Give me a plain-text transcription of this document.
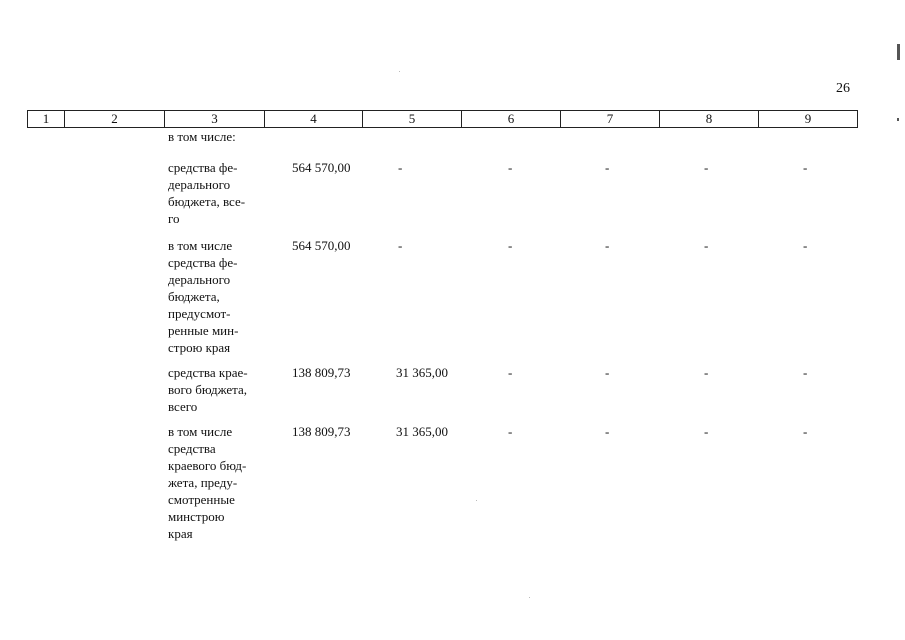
26
1	2	3	4	5	6	7	8	9
в том числе:
средства фе-
дерального
бюджета, все-
го
564 570,00	-	-	-	-	-
в том числе
средства фе-
дерального
бюджета,
предусмот-
ренные мин-
строю края
564 570,00	-	-	-	-	-
средства крае-
вого бюджета,
всего
138 809,73	31 365,00	-	-	-	-
в том числе
средства
краевого бюд-
жета, преду-
смотренные
минстрою
края
138 809,73	31 365,00	-	-	-	-
